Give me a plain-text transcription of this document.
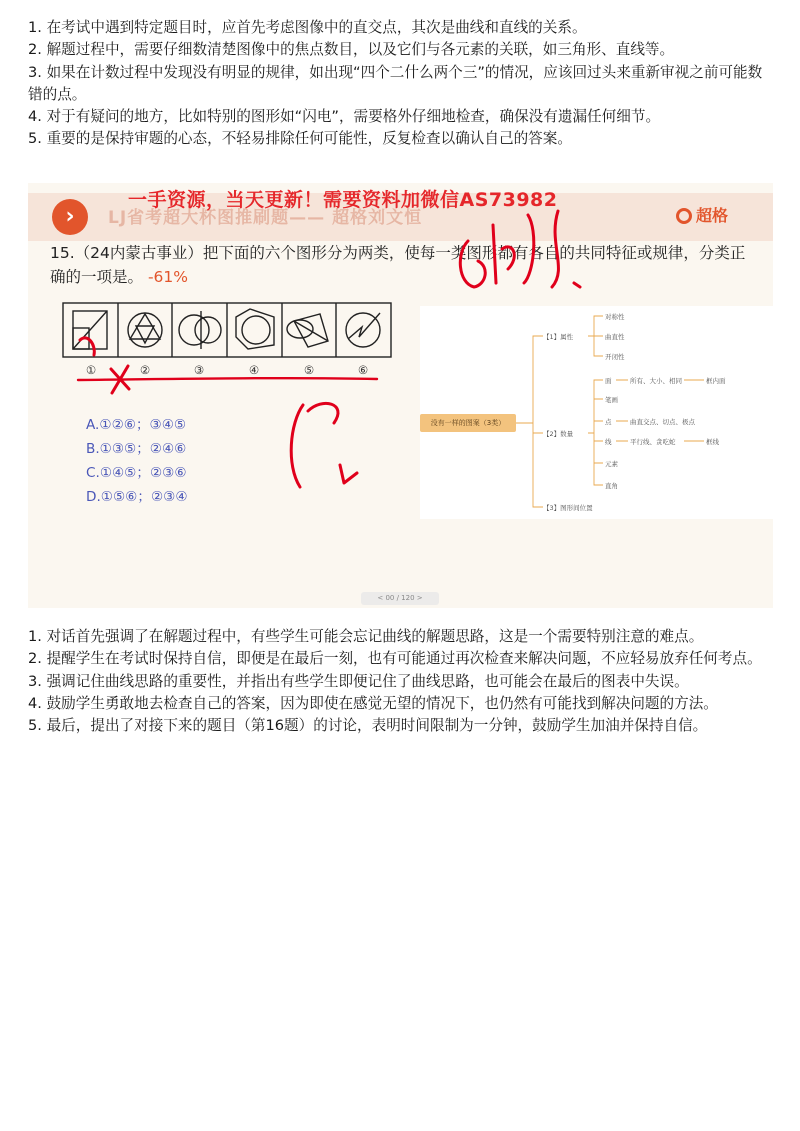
1. 在考试中遇到特定题目时，应首先考虑图像中的直交点，其次是曲线和直线的关系。
2. 解题过程中，需要仔细数清楚图像中的焦点数目，以及它们与各元素的关联，如三角形、直线等。
3. 如果在计数过程中发现没有明显的规律，如出现“四个二什么两个三”的情况，应该回过头来重新审视之前可能数错的点。
4. 对于有疑问的地方，比如特别的图形如“闪电”，需要格外仔细地检查，确保没有遗漏任何细节。
5. 重要的是保持审题的心态，不轻易排除任何可能性，反复检查以确认自己的答案。
›	LJ省考超大杯图推刷题—— 超格刘文恒
一手资源，当天更新！需要资料加微信AS73982
超格
15.（24内蒙古事业）把下面的六个图形分为两类，使每一类图形都有各自的共同特征或规律，分类正确的一项是。 -61%
①	②	③	④	⑤	⑥
A.①②⑥；③④⑤
B.①③⑤；②④⑥
C.①④⑤；②③⑥
D.①⑤⑥；②③④
没有一样的图案（3类）
【1】属性
对称性
曲直性
开闭性
【2】数量
面	所有、大小、相同	框内面
笔画
点	曲直交点、切点、极点
线	平行线、贪吃蛇	框线
元素
直角
【3】图形间位置
< 00 / 120 >
1. 对话首先强调了在解题过程中，有些学生可能会忘记曲线的解题思路，这是一个需要特别注意的难点。
2. 提醒学生在考试时保持自信，即便是在最后一刻，也有可能通过再次检查来解决问题，不应轻易放弃任何考点。
3. 强调记住曲线思路的重要性，并指出有些学生即便记住了曲线思路，也可能会在最后的图表中失误。
4. 鼓励学生勇敢地去检查自己的答案，因为即使在感觉无望的情况下，也仍然有可能找到解决问题的方法。
5. 最后，提出了对接下来的题目（第16题）的讨论，表明时间限制为一分钟，鼓励学生加油并保持自信。
